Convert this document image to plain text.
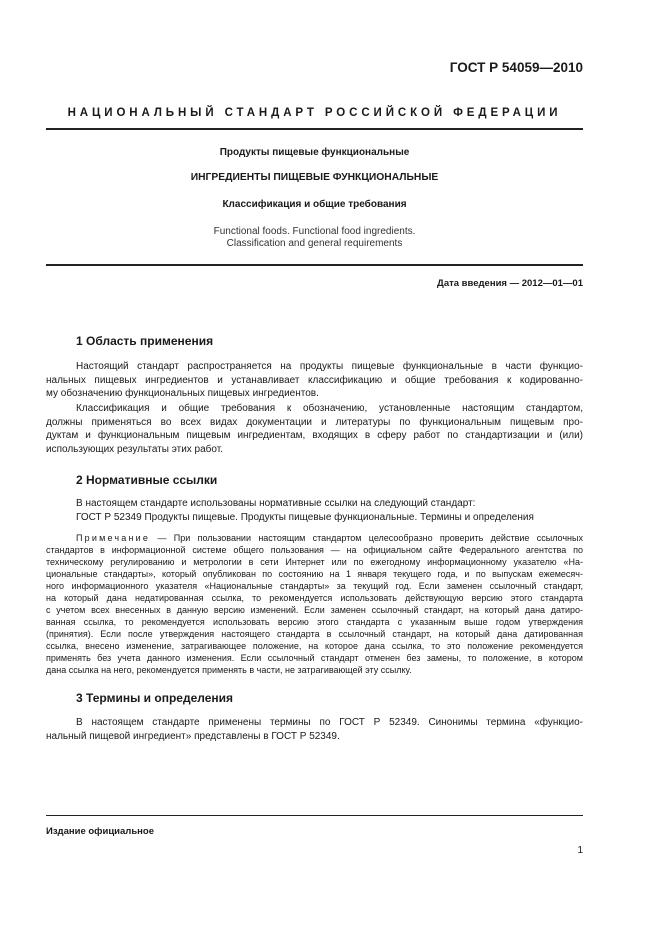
ГОСТ Р 54059—2010
НАЦИОНАЛЬНЫЙ СТАНДАРТ РОССИЙСКОЙ ФЕДЕРАЦИИ
Продукты пищевые функциональные
ИНГРЕДИЕНТЫ ПИЩЕВЫЕ ФУНКЦИОНАЛЬНЫЕ
Классификация и общие требования
Functional foods. Functional food ingredients.
Classification and general requirements
Дата введения — 2012—01—01
1 Область применения
Настоящий стандарт распространяется на продукты пищевые функциональные в части функцио-
нальных пищевых ингредиентов и устанавливает классификацию и общие требования к кодированно-
му обозначению функциональных пищевых ингредиентов.
Классификация и общие требования к обозначению, установленные настоящим стандартом,
должны применяться во всех видах документации и литературы по функциональным пищевым про-
дуктам и функциональным пищевым ингредиентам, входящих в сферу работ по стандартизации и (или)
использующих результаты этих работ.
2 Нормативные ссылки
В настоящем стандарте использованы нормативные ссылки на следующий стандарт:
ГОСТ Р 52349 Продукты пищевые. Продукты пищевые функциональные. Термины и определения
Примечание — При пользовании настоящим стандартом целесообразно проверить действие ссылочных
стандартов в информационной системе общего пользования — на официальном сайте Федерального агентства по
техническому регулированию и метрологии в сети Интернет или по ежегодному информационному указателю «На-
циональные стандарты», который опубликован по состоянию на 1 января текущего года, и по выпускам ежемесяч-
ного информационного указателя «Национальные стандарты» за текущий год. Если заменен ссылочный стандарт,
на который дана недатированная ссылка, то рекомендуется использовать действующую версию этого стандарта
с учетом всех внесенных в данную версию изменений. Если заменен ссылочный стандарт, на который дана датиро-
ванная ссылка, то рекомендуется использовать версию этого стандарта с указанным выше годом утверждения
(принятия). Если после утверждения настоящего стандарта в ссылочный стандарт, на который дана датированная
ссылка, внесено изменение, затрагивающее положение, на которое дана ссылка, то это положение рекомендуется
применять без учета данного изменения. Если ссылочный стандарт отменен без замены, то положение, в котором
дана ссылка на него, рекомендуется применять в части, не затрагивающей эту ссылку.
3 Термины и определения
В настоящем стандарте применены термины по ГОСТ Р 52349. Синонимы термина «функцио-
нальный пищевой ингредиент» представлены в ГОСТ Р 52349.
Издание официальное
1
